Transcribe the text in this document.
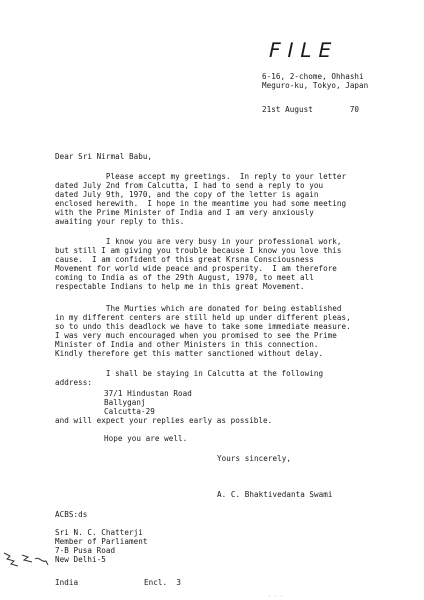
FILE
6-16, 2-chome, Ohhashi
Meguro-ku, Tokyo, Japan
21st August        70
Dear Sri Nirmal Babu,
Please accept my greetings.  In reply to your letter
dated July 2nd from Calcutta, I had to send a reply to you
dated July 9th, 1970, and the copy of the letter is again
enclosed herewith.  I hope in the meantime you had some meeting
with the Prime Minister of India and I am very anxiously
awaiting your reply to this.
I know you are very busy in your professional work,
but still I am giving you trouble because I know you love this
cause.  I am confident of this great Krsna Consciousness
Movement for world wide peace and prosperity.  I am therefore
coming to India as of the 29th August, 1970, to meet all
respectable Indians to help me in this great Movement.
The Murties which are donated for being established
in my different centers are still held up under different pleas,
so to undo this deadlock we have to take some immediate measure.
I was very much encouraged when you promised to see the Prime
Minister of India and other Ministers in this connection.
Kindly therefore get this matter sanctioned without delay.
I shall be staying in Calcutta at the following
address:
37/1 Hindustan Road
Ballyganj
Calcutta-29
and will expect your replies early as possible.
Hope you are well.
Yours sincerely,
A. C. Bhaktivedanta Swami
ACBS:ds
Sri N. C. Chatterji
Member of Parliament
7-B Pusa Road
New Delhi-5
India	Encl.  3
· · ·
